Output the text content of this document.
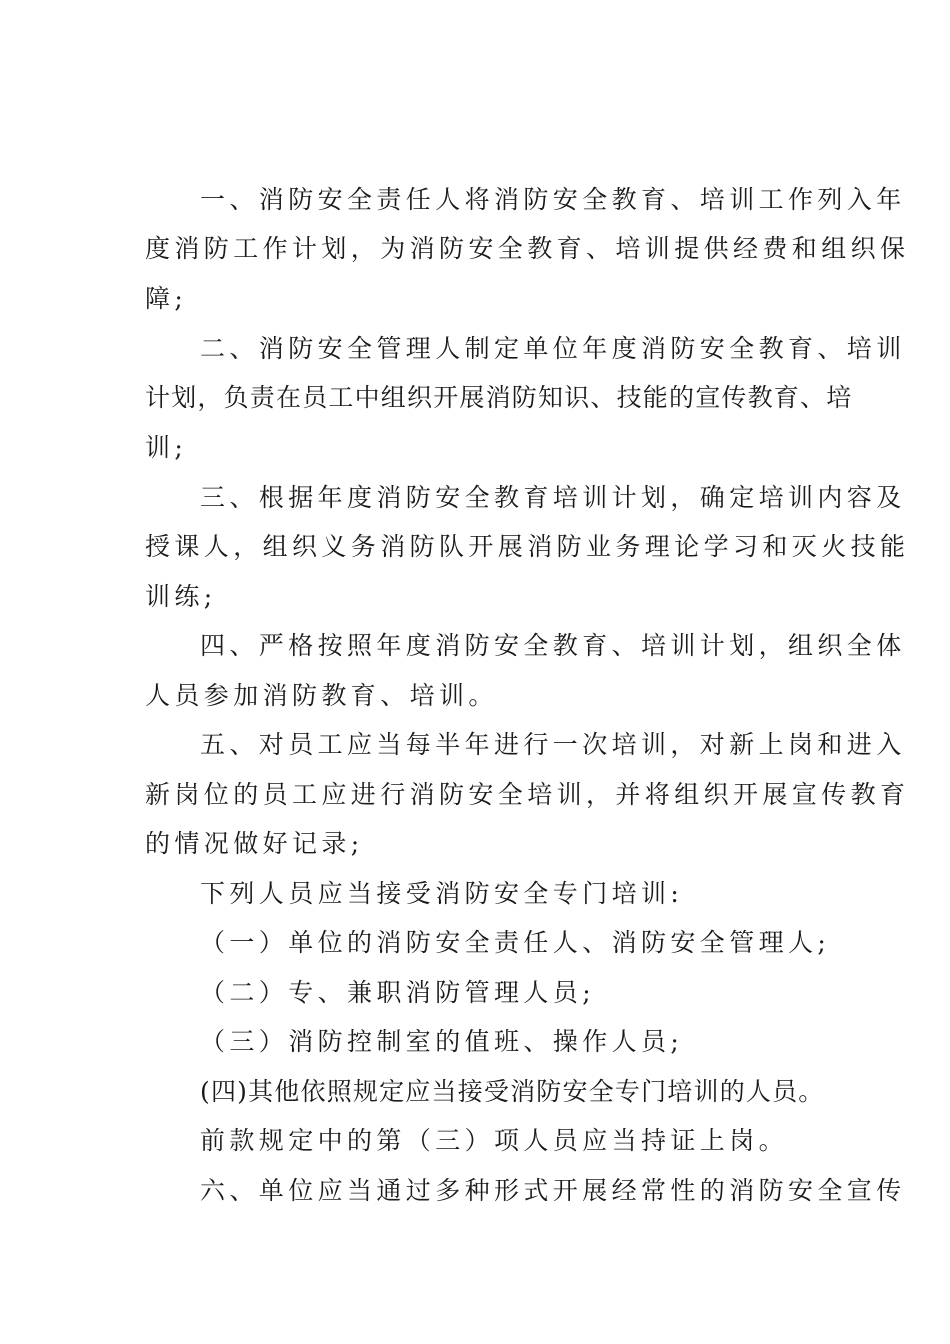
一、消防安全责任人将消防安全教育、培训工作列入年
度消防工作计划，为消防安全教育、培训提供经费和组织保
障;
二、消防安全管理人制定单位年度消防安全教育、培训
计划，负责在员工中组织开展消防知识、技能的宣传教育、培
训;
三、根据年度消防安全教育培训计划，确定培训内容及
授课人，组织义务消防队开展消防业务理论学习和灭火技能
训练;
四、严格按照年度消防安全教育、培训计划，组织全体
人员参加消防教育、培训。
五、对员工应当每半年进行一次培训，对新上岗和进入
新岗位的员工应进行消防安全培训，并将组织开展宣传教育
的情况做好记录;
下列人员应当接受消防安全专门培训:
（一）单位的消防安全责任人、消防安全管理人;
（二）专、兼职消防管理人员;
（三）消防控制室的值班、操作人员;
(四)其他依照规定应当接受消防安全专门培训的人员。
前款规定中的第（三）项人员应当持证上岗。
六、单位应当通过多种形式开展经常性的消防安全宣传
